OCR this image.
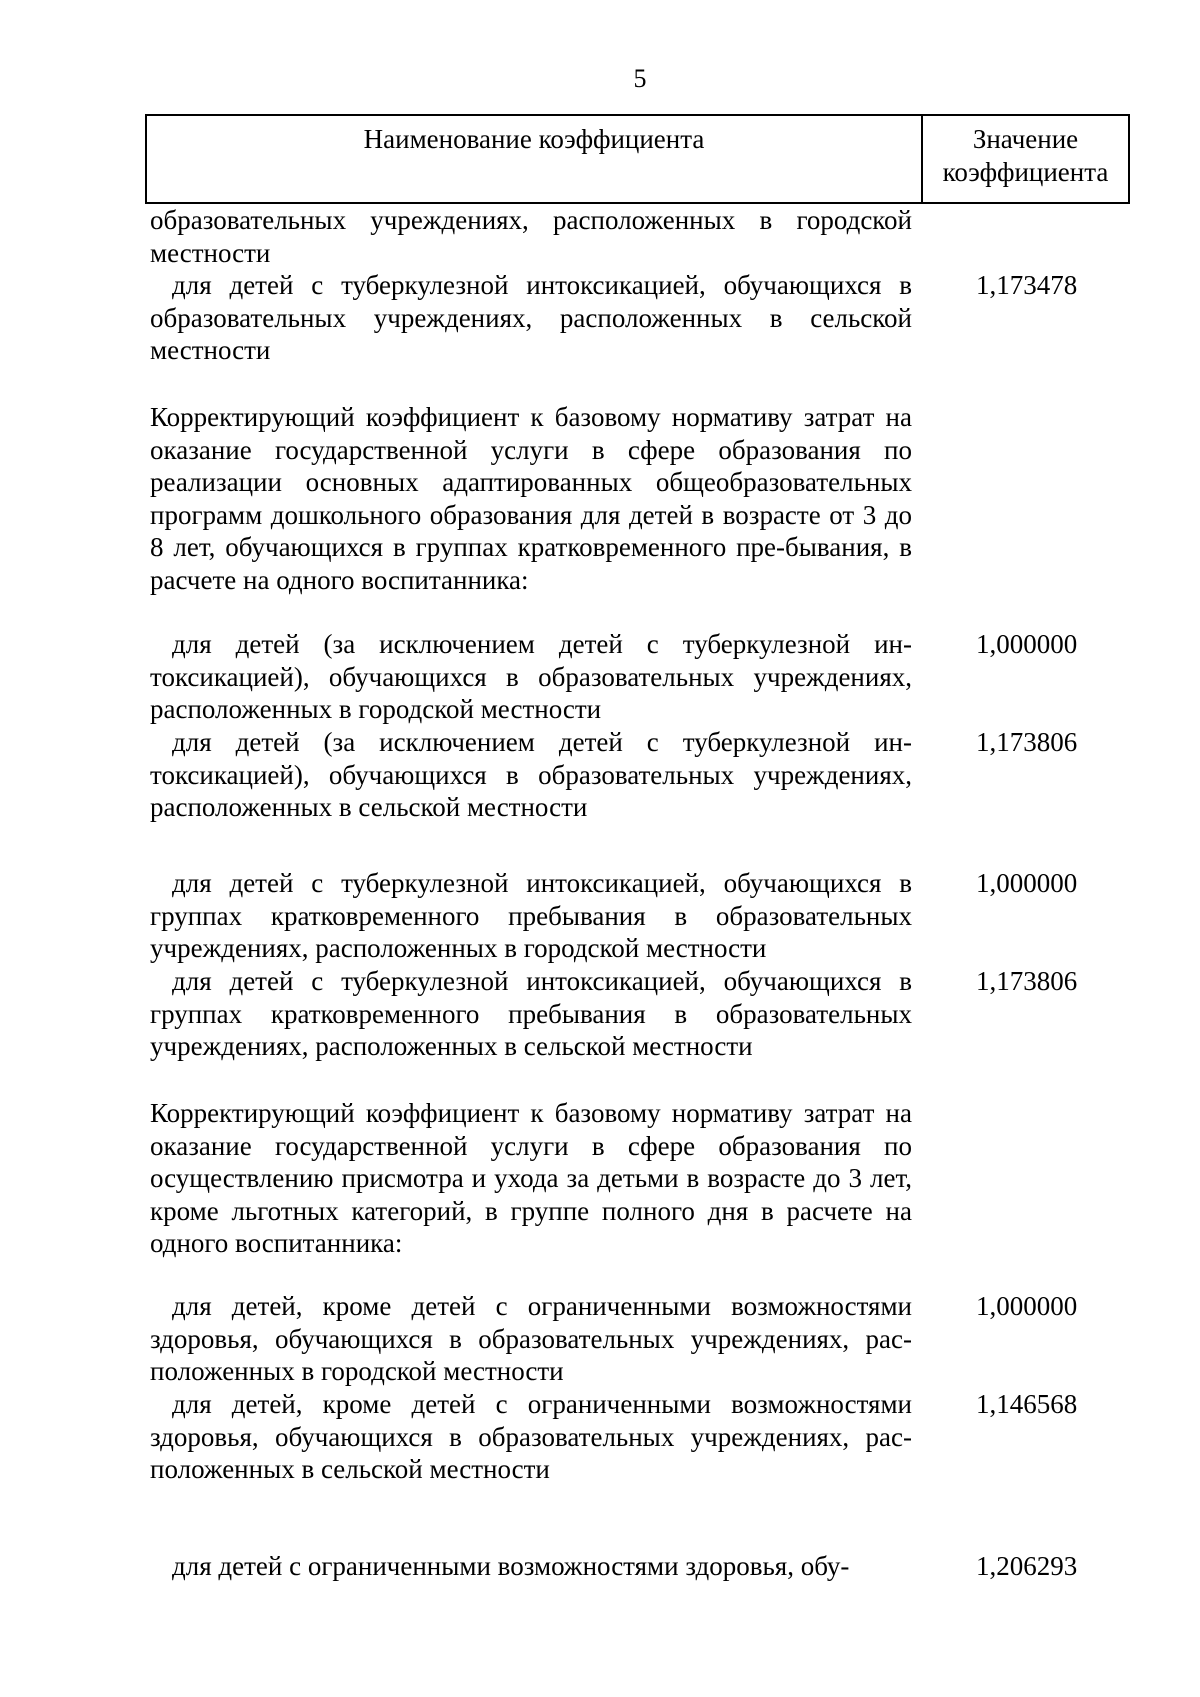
5
Наименование коэффициента	Значение
коэффициента
образовательных учреждениях, расположенных в городской местности
для детей с туберкулезной интоксикацией, обучающихся в образовательных учреждениях, расположенных в сельской местности
1,173478
Корректирующий коэффициент к базовому нормативу затрат на оказание государственной услуги в сфере образования по реализации основных адаптированных общеобразовательных программ дошкольного образования для детей в возрасте от 3 до 8 лет, обучающихся в группах кратковременного пре-бывания, в расчете на одного воспитанника:
для детей (за исключением детей с туберкулезной ин-токсикацией), обучающихся в образовательных учреждениях, расположенных в городской местности
1,000000
для детей (за исключением детей с туберкулезной ин-токсикацией), обучающихся в образовательных учреждениях, расположенных в сельской местности
1,173806
для детей с туберкулезной интоксикацией, обучающихся в группах кратковременного пребывания в образовательных учреждениях, расположенных в городской местности
1,000000
для детей с туберкулезной интоксикацией, обучающихся в группах кратковременного пребывания в образовательных учреждениях, расположенных в сельской местности
1,173806
Корректирующий коэффициент к базовому нормативу затрат на оказание государственной услуги в сфере образования по осуществлению присмотра и ухода за детьми в возрасте до 3 лет, кроме льготных категорий, в группе полного дня в расчете на одного воспитанника:
для детей, кроме детей с ограниченными возможностями здоровья, обучающихся в образовательных учреждениях, рас-положенных в городской местности
1,000000
для детей, кроме детей с ограниченными возможностями здоровья, обучающихся в образовательных учреждениях, рас-положенных в сельской местности
1,146568
для детей с ограниченными возможностями здоровья, обу-	1,206293
